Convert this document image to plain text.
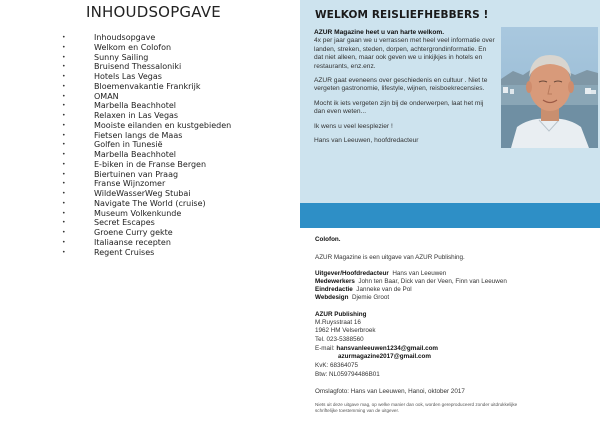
INHOUDSOPGAVE
• Inhoudsopgave
• Welkom en Colofon
• Sunny Sailing
• Bruisend Thessaloniki
• Hotels Las Vegas
• Bloemenvakantie Frankrijk
• OMAN
• Marbella Beachhotel
• Relaxen in Las Vegas
• Mooiste eilanden en kustgebieden
• Fietsen langs de Maas
• Golfen in Tunesië
• Marbella Beachhotel
• E-biken in de Franse Bergen
• Biertuinen van Praag
• Franse Wijnzomer
• WildeWasserWeg Stubai
• Navigate The World (cruise)
• Museum Volkenkunde
• Secret Escapes
• Groene Curry gekte
• Italiaanse recepten
• Regent Cruises
WELKOM REISLIEFHEBBERS !

AZUR Magazine heet u van harte welkom.
4x per jaar gaan we u verrassen met heel veel informatie over landen, streken, steden, dorpen, achtergrondinformatie. En dat niet alleen, maar ook geven we u inkijkjes in hotels en restaurants, enz.enz.

AZUR gaat eveneens over geschiedenis en cultuur . Niet te vergeten gastronomie, lifestyle, wijnen, reisboekrecensies.

Mocht ik iets vergeten zijn bij de onderwerpen, laat het mij dan even weten...

Ik wens u veel leesplezier !

Hans van Leeuwen, hoofdredacteur

Colofon.
AZUR Magazine is een uitgave van AZUR Publishing.
Uitgever/Hoofdredacteur Hans van Leeuwen
Medewerkers John ten Baar, Dick van der Veen, Finn van Leeuwen
Eindredactie Janneke van de Pol
Webdesign Djemie Groot
AZUR Publishing
M.Ruysstraat 16
1962 HM Velserbroek
Tel. 023-5388560
E-mail: hansvanleeuwen1234@gmail.com
azurmagazine2017@gmail.com
KvK: 68364075
Btw: NL059794486B01
Omslagfoto: Hans van Leeuwen, Hanoi, oktober 2017
Niets uit deze uitgave mag, op welke manier dan ook, worden gereproduceerd zonder uitdrukkelijke
schriftelijke toestemming van de uitgever.
